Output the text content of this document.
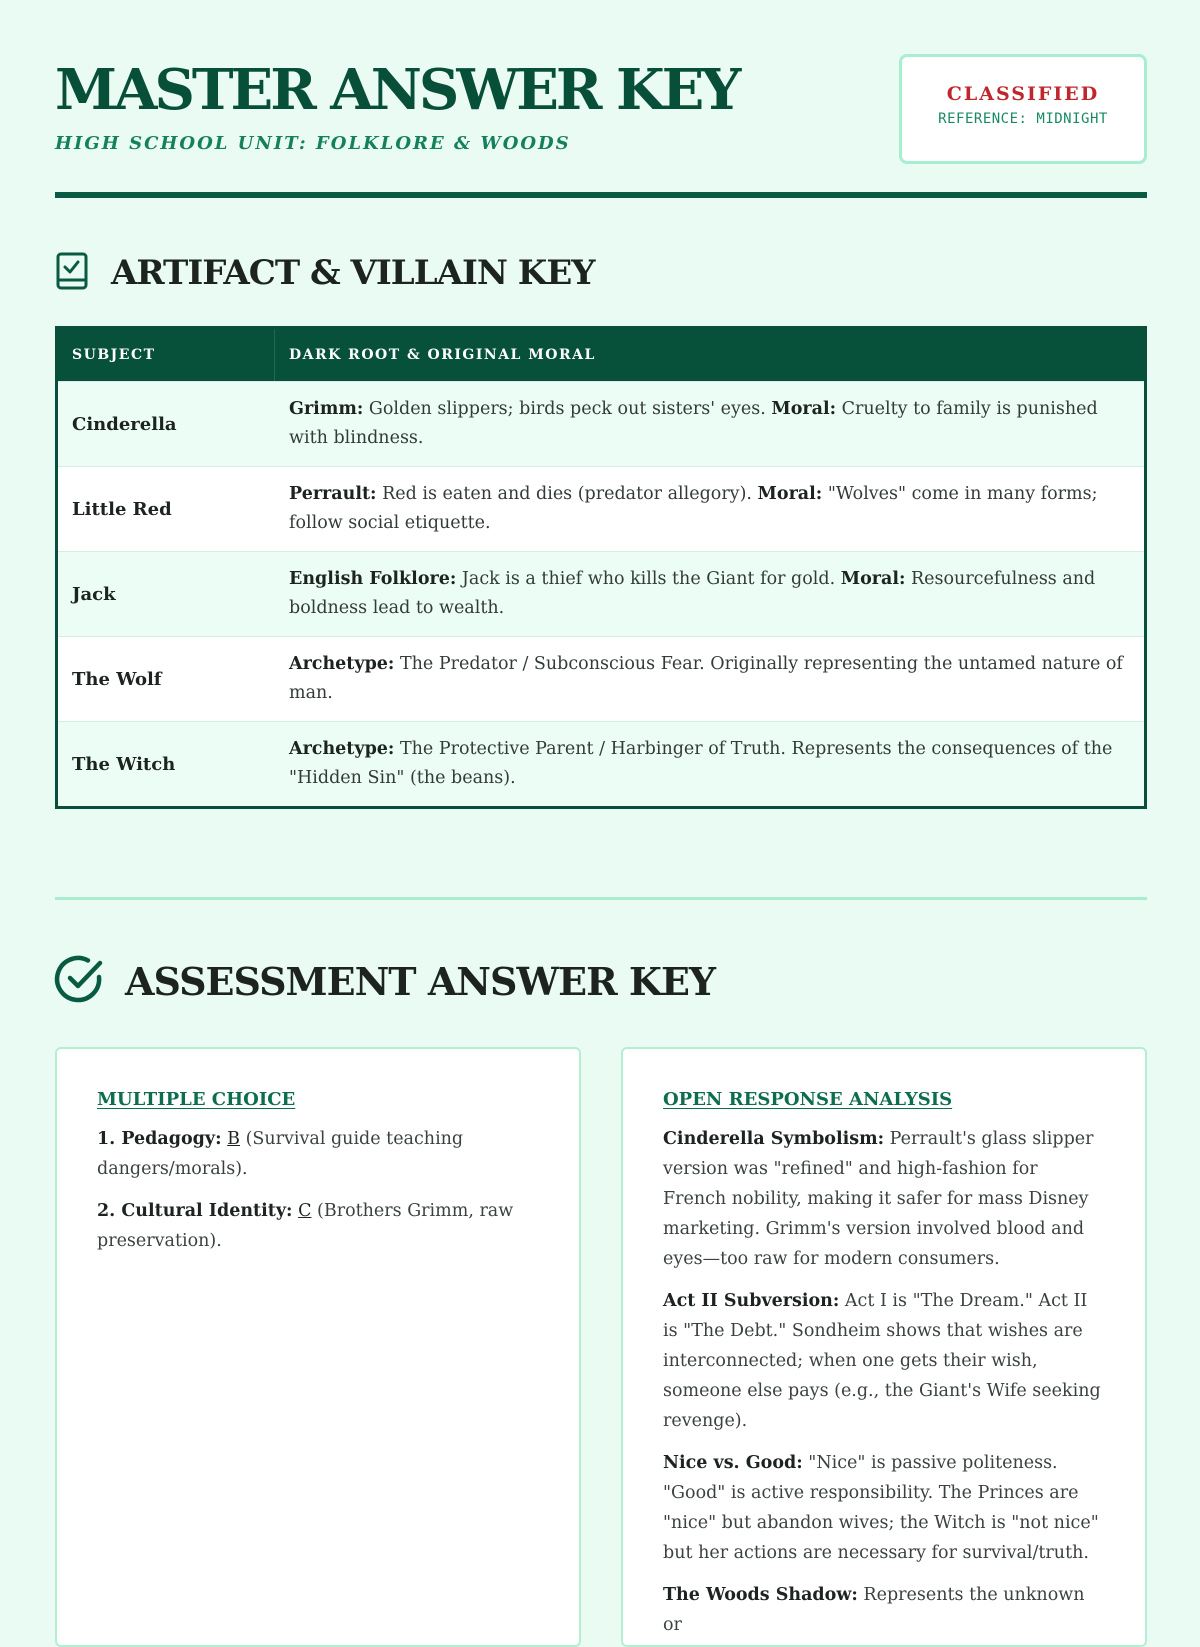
MASTER ANSWER KEY
HIGH SCHOOL UNIT: FOLKLORE & WOODS
CLASSIFIED
REFERENCE: MIDNIGHT
ARTIFACT & VILLAIN KEY
SUBJECT	DARK ROOT & ORIGINAL MORAL
Cinderella
Grimm: Golden slippers; birds peck out sisters' eyes. Moral: Cruelty to family is punished with blindness.
Little Red
Perrault: Red is eaten and dies (predator allegory). Moral: "Wolves" come in many forms; follow social etiquette.
Jack
English Folklore: Jack is a thief who kills the Giant for gold. Moral: Resourcefulness and boldness lead to wealth.
The Wolf
Archetype: The Predator / Subconscious Fear. Originally representing the untamed nature of man.
The Witch
Archetype: The Protective Parent / Harbinger of Truth. Represents the consequences of the "Hidden Sin" (the beans).
ASSESSMENT ANSWER KEY
MULTIPLE CHOICE

1. Pedagogy: B (Survival guide teaching dangers/morals).

2. Cultural Identity: C (Brothers Grimm, raw preservation).

OPEN RESPONSE ANALYSIS

Cinderella Symbolism: Perrault's glass slipper version was "refined" and high-fashion for French nobility, making it safer for mass Disney marketing. Grimm's version involved blood and eyes—too raw for modern consumers.

Act II Subversion: Act I is "The Dream." Act II is "The Debt." Sondheim shows that wishes are interconnected; when one gets their wish, someone else pays (e.g., the Giant's Wife seeking revenge).

Nice vs. Good: "Nice" is passive politeness. "Good" is active responsibility. The Princes are "nice" but abandon wives; the Witch is "not nice" but her actions are necessary for survival/truth.

The Woods Shadow: Represents the unknown or
